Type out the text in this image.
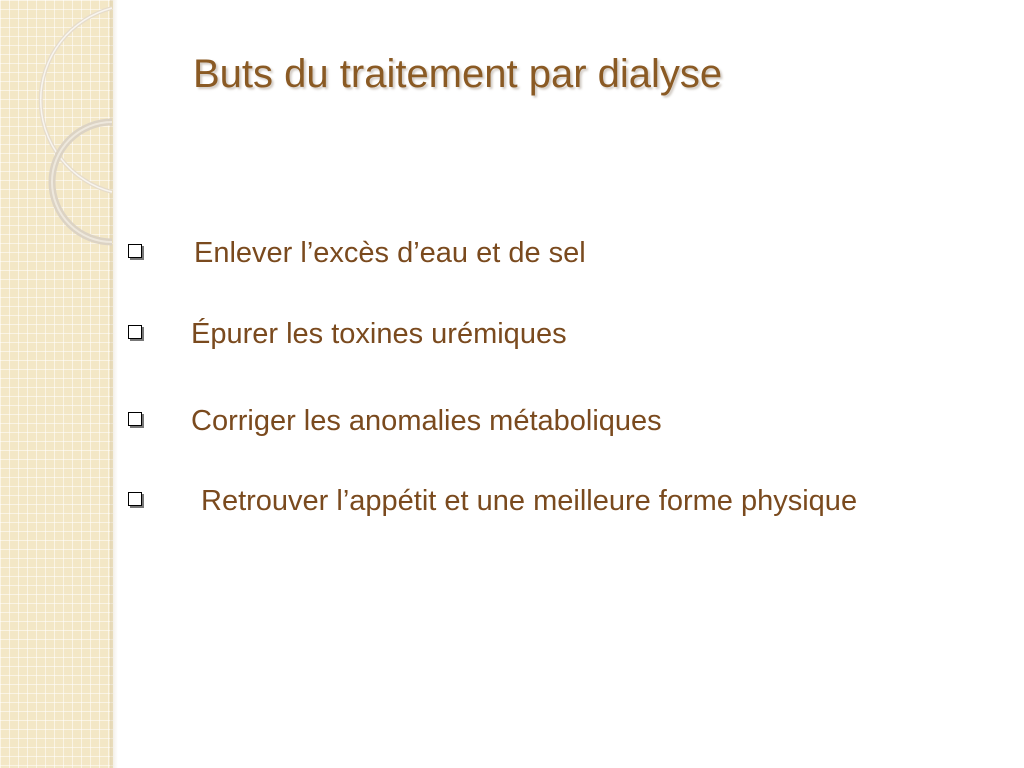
Buts du traitement par dialyse
Enlever l’excès d’eau et de sel
Épurer les toxines urémiques
Corriger les anomalies métaboliques
Retrouver l’appétit et une meilleure forme physique
